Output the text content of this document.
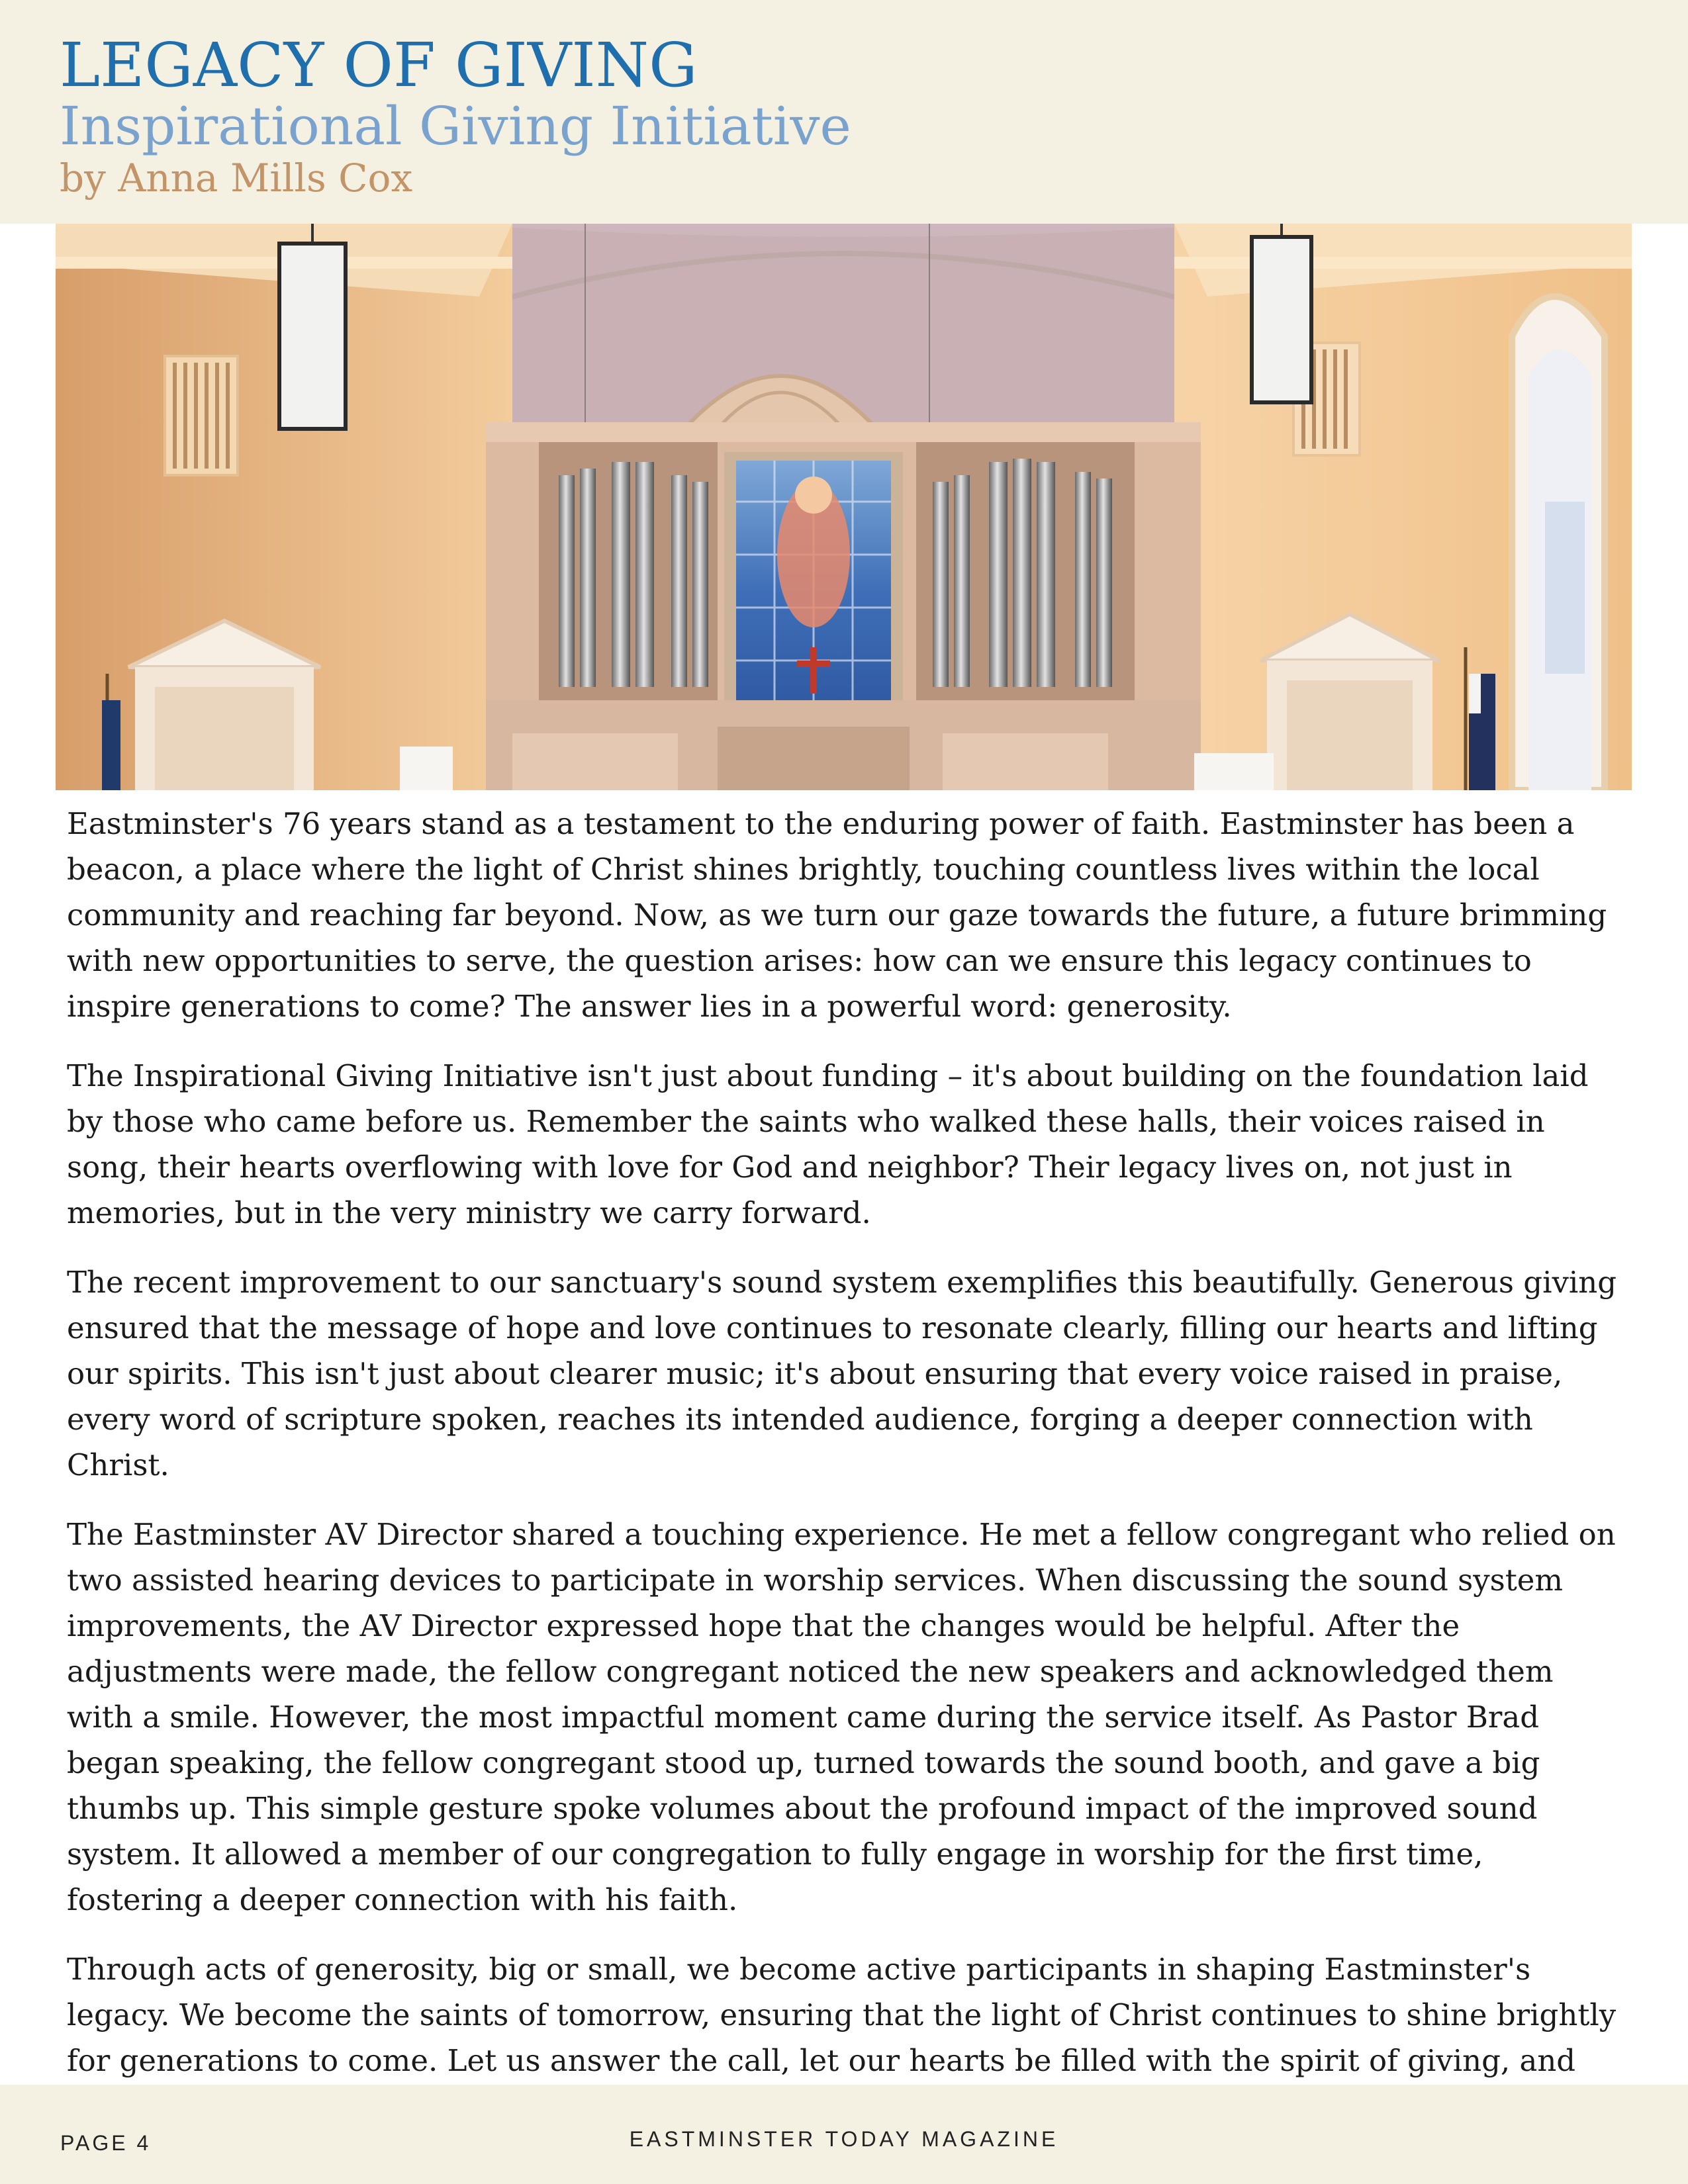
LEGACY OF GIVING
Inspirational Giving Initiative
by Anna Mills Cox

Eastminster's 76 years stand as a testament to the enduring power of faith. Eastminster has been a beacon, a place where the light of Christ shines brightly, touching countless lives within the local community and reaching far beyond. Now, as we turn our gaze towards the future, a future brimming with new opportunities to serve, the question arises: how can we ensure this legacy continues to inspire generations to come? The answer lies in a powerful word: generosity.

The Inspirational Giving Initiative isn't just about funding – it's about building on the foundation laid by those who came before us. Remember the saints who walked these halls, their voices raised in song, their hearts overflowing with love for God and neighbor? Their legacy lives on, not just in memories, but in the very ministry we carry forward.

The recent improvement to our sanctuary's sound system exemplifies this beautifully. Generous giving ensured that the message of hope and love continues to resonate clearly, filling our hearts and lifting our spirits. This isn't just about clearer music; it's about ensuring that every voice raised in praise, every word of scripture spoken, reaches its intended audience, forging a deeper connection with Christ.

The Eastminster AV Director shared a touching experience. He met a fellow congregant who relied on two assisted hearing devices to participate in worship services. When discussing the sound system improvements, the AV Director expressed hope that the changes would be helpful. After the adjustments were made, the fellow congregant noticed the new speakers and acknowledged them with a smile. However, the most impactful moment came during the service itself. As Pastor Brad began speaking, the fellow congregant stood up, turned towards the sound booth, and gave a big thumbs up. This simple gesture spoke volumes about the profound impact of the improved sound system. It allowed a member of our congregation to fully engage in worship for the first time, fostering a deeper connection with his faith.

Through acts of generosity, big or small, we become active participants in shaping Eastminster's legacy. We become the saints of tomorrow, ensuring that the light of Christ continues to shine brightly for generations to come. Let us answer the call, let our hearts be filled with the spirit of giving, and

PAGE 4	EASTMINSTER TODAY MAGAZINE
